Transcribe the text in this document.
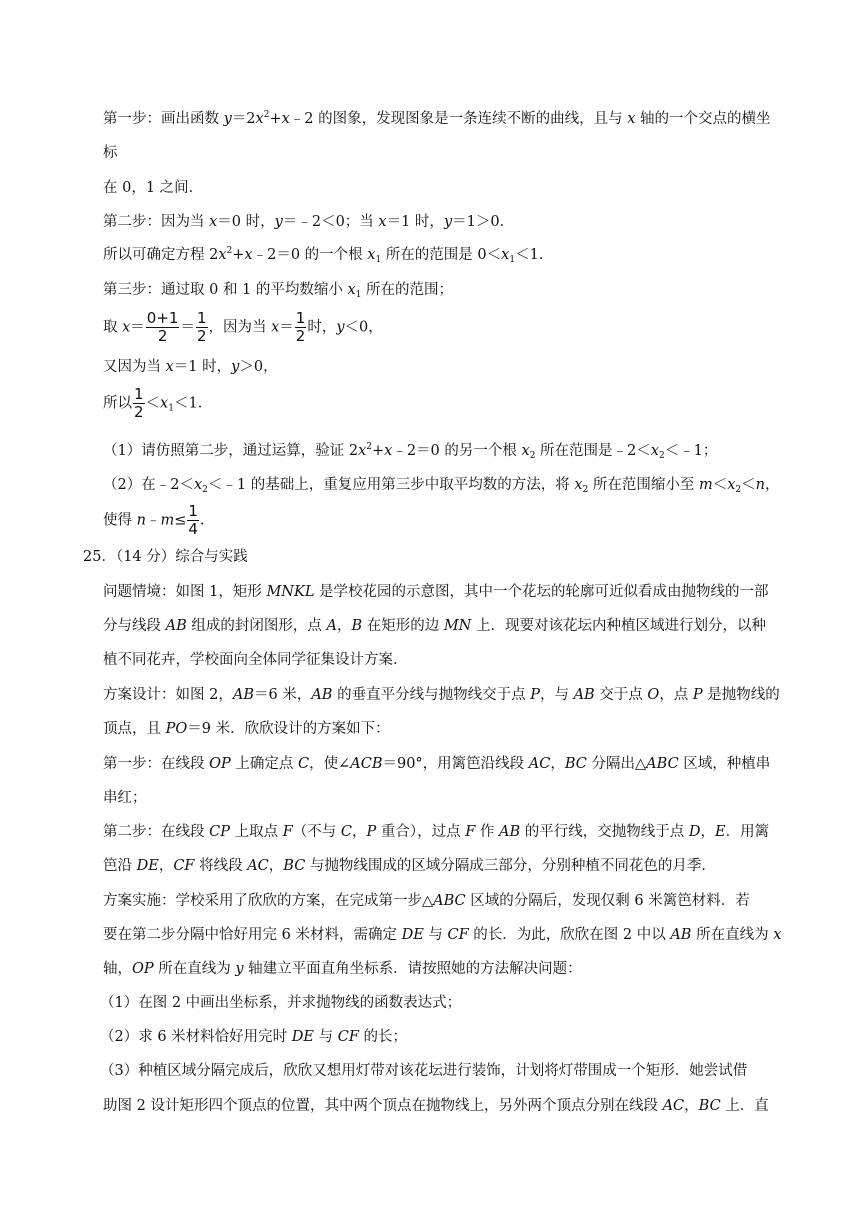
第一步：画出函数 $y=2x^2+x﹣2$ 的图象，发现图象是一条连续不断的曲线，且与 x 轴的一个交点的横坐
标
在 0，1 之间．
第二步：因为当 x＝0 时，y＝﹣2＜0；当 x＝1 时，y＝1＞0．
所以可确定方程 $2x^2+x﹣2=0$ 的一个根 $x_1$ 所在的范围是 $0<x_1<1$．
第三步：通过取 0 和 1 的平均数缩小 $x_1$ 所在的范围；
取 $x= \frac{0+1}{2} = \frac{1}{2}$ ，因为当 $x= \frac{1}{2}$ 时，y＜0，
又因为当 x＝1 时，y＞0，
所以 $\frac{1}{2} <x_1<1$．
（1）请仿照第二步，通过运算，验证 $2x^2+x﹣2=0$ 的另一个根 $x_2$ 所在范围是$﹣2<x_2<﹣1$；
（2）在$﹣2<x_2<﹣1$ 的基础上，重复应用第三步中取平均数的方法，将 $x_2$ 所在范围缩小至 $m<x_2<n$，
使得 n﹣m≤ $\frac{1}{4}$ .
25．（14 分）综合与实践
问题情境：如图 1，矩形 MNKL 是学校花园的示意图，其中一个花坛的轮廓可近似看成由抛物线的一部
分与线段 AB 组成的封闭图形，点 A，B 在矩形的边 MN 上．现要对该花坛内种植区域进行划分，以种
植不同花卉，学校面向全体同学征集设计方案．
方案设计：如图 2，AB＝6 米，AB 的垂直平分线与抛物线交于点 P，与 AB 交于点 O，点 P 是抛物线的
顶点，且 PO＝9 米．欣欣设计的方案如下：
第一步：在线段 OP 上确定点 C，使∠ACB＝90°，用篱笆沿线段 AC，BC 分隔出△ABC 区域，种植串
串红；
第二步：在线段 CP 上取点 F（不与 C，P 重合），过点 F 作 AB 的平行线，交抛物线于点 D，E．用篱
笆沿 DE，CF 将线段 AC，BC 与抛物线围成的区域分隔成三部分，分别种植不同花色的月季．
方案实施：学校采用了欣欣的方案，在完成第一步△ABC 区域的分隔后，发现仅剩 6 米篱笆材料．若
要在第二步分隔中恰好用完 6 米材料，需确定 DE 与 CF 的长．为此，欣欣在图 2 中以 AB 所在直线为 x
轴，OP 所在直线为 y 轴建立平面直角坐标系．请按照她的方法解决问题：
（1）在图 2 中画出坐标系，并求抛物线的函数表达式；
（2）求 6 米材料恰好用完时 DE 与 CF 的长；
（3）种植区域分隔完成后，欣欣又想用灯带对该花坛进行装饰，计划将灯带围成一个矩形．她尝试借
助图 2 设计矩形四个顶点的位置，其中两个顶点在抛物线上，另外两个顶点分别在线段 AC，BC 上．直
